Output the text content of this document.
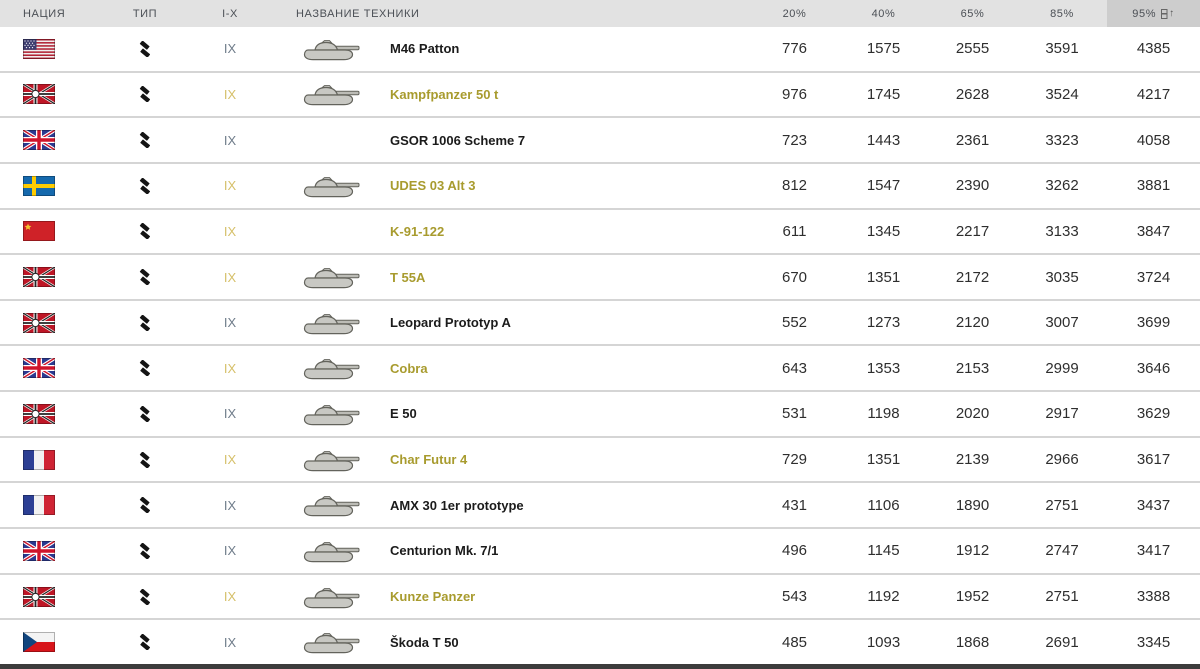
НАЦИЯ	ТИП	I-X	НАЗВАНИЕ ТЕХНИКИ	20%	40%	65%	85%	95% ↑
IX	M46 Patton	776	1575	2555	3591	4385
IX	Kampfpanzer 50 t	976	1745	2628	3524	4217
IX	GSOR 1006 Scheme 7	723	1443	2361	3323	4058
IX	UDES 03 Alt 3	812	1547	2390	3262	3881
IX	K-91-122	611	1345	2217	3133	3847
IX	T 55A	670	1351	2172	3035	3724
IX	Leopard Prototyp A	552	1273	2120	3007	3699
IX	Cobra	643	1353	2153	2999	3646
IX	E 50	531	1198	2020	2917	3629
IX	Char Futur 4	729	1351	2139	2966	3617
IX	AMX 30 1er prototype	431	1106	1890	2751	3437
IX	Centurion Mk. 7/1	496	1145	1912	2747	3417
IX	Kunze Panzer	543	1192	1952	2751	3388
IX	Škoda T 50	485	1093	1868	2691	3345
